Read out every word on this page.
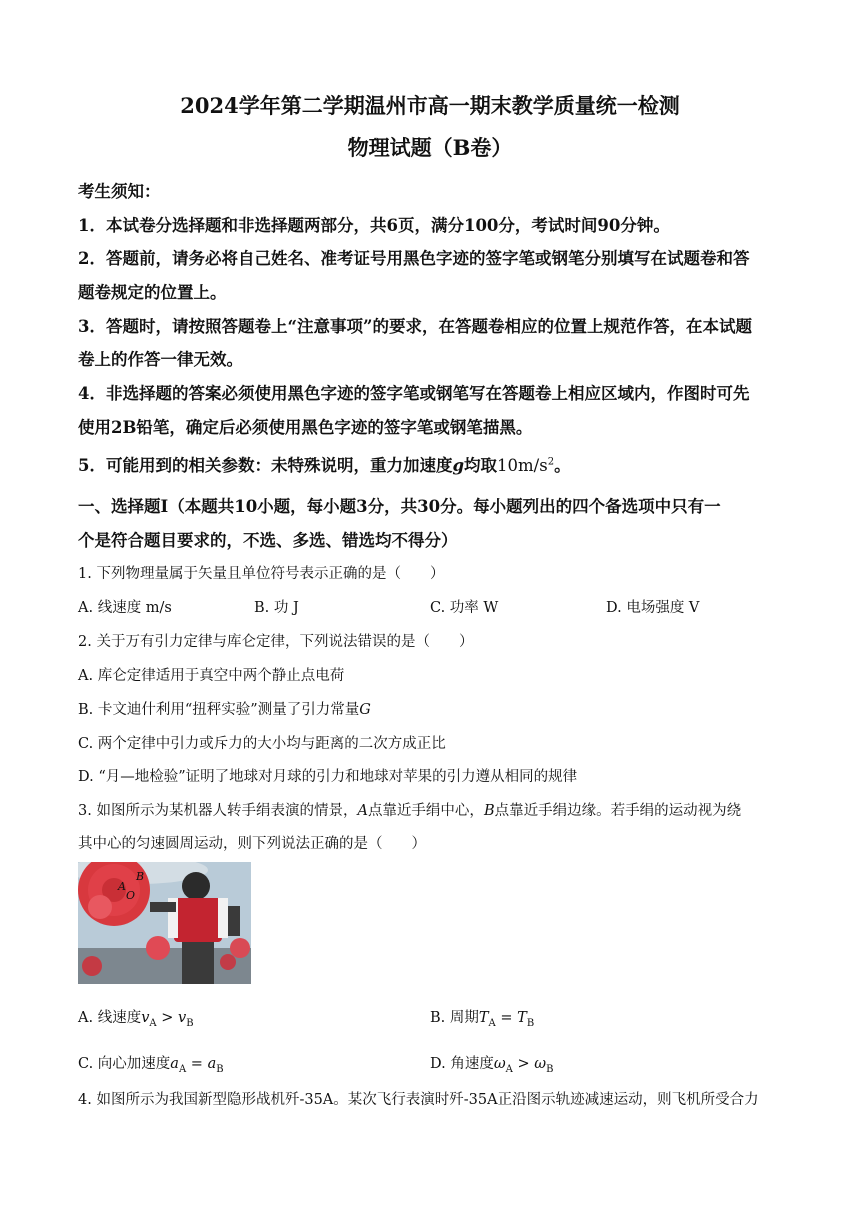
2024学年第二学期温州市高一期末教学质量统一检测
物理试题（B卷）
考生须知：
1．本试卷分选择题和非选择题两部分，共6页，满分100分，考试时间90分钟。
2．答题前，请务必将自己姓名、准考证号用黑色字迹的签字笔或钢笔分别填写在试题卷和答
题卷规定的位置上。
3．答题时，请按照答题卷上“注意事项”的要求，在答题卷相应的位置上规范作答，在本试题
卷上的作答一律无效。
4．非选择题的答案必须使用黑色字迹的签字笔或钢笔写在答题卷上相应区域内，作图时可先
使用2B铅笔，确定后必须使用黑色字迹的签字笔或钢笔描黑。
5．可能用到的相关参数：未特殊说明，重力加速度g均取$10m/s^2$。
一、选择题Ⅰ（本题共10小题，每小题3分，共30分。每小题列出的四个备选项中只有一
个是符合题目要求的，不选、多选、错选均不得分）
1. 下列物理量属于矢量且单位符号表示正确的是（　　）
A. 线速度 m/s	B. 功 J	C. 功率 W	D. 电场强度 V
2. 关于万有引力定律与库仑定律，下列说法错误的是（　　）
A. 库仑定律适用于真空中两个静止点电荷
B. 卡文迪什利用“扭秤实验”测量了引力常量G
C. 两个定律中引力或斥力的大小均与距离的二次方成正比
D. “月—地检验”证明了地球对月球的引力和地球对苹果的引力遵从相同的规律
3. 如图所示为某机器人转手绢表演的情景，A点靠近手绢中心，B点靠近手绢边缘。若手绢的运动视为绕
其中心的匀速圆周运动，则下列说法正确的是（　　）
A
B
O
A. 线速度$v_A > v_B$	B. 周期$T_A = T_B$
C. 向心加速度$a_A = a_B$	D. 角速度$\omega_A > \omega_B$
4. 如图所示为我国新型隐形战机歼-35A。某次飞行表演时歼-35A正沿图示轨迹减速运动，则飞机所受合力
